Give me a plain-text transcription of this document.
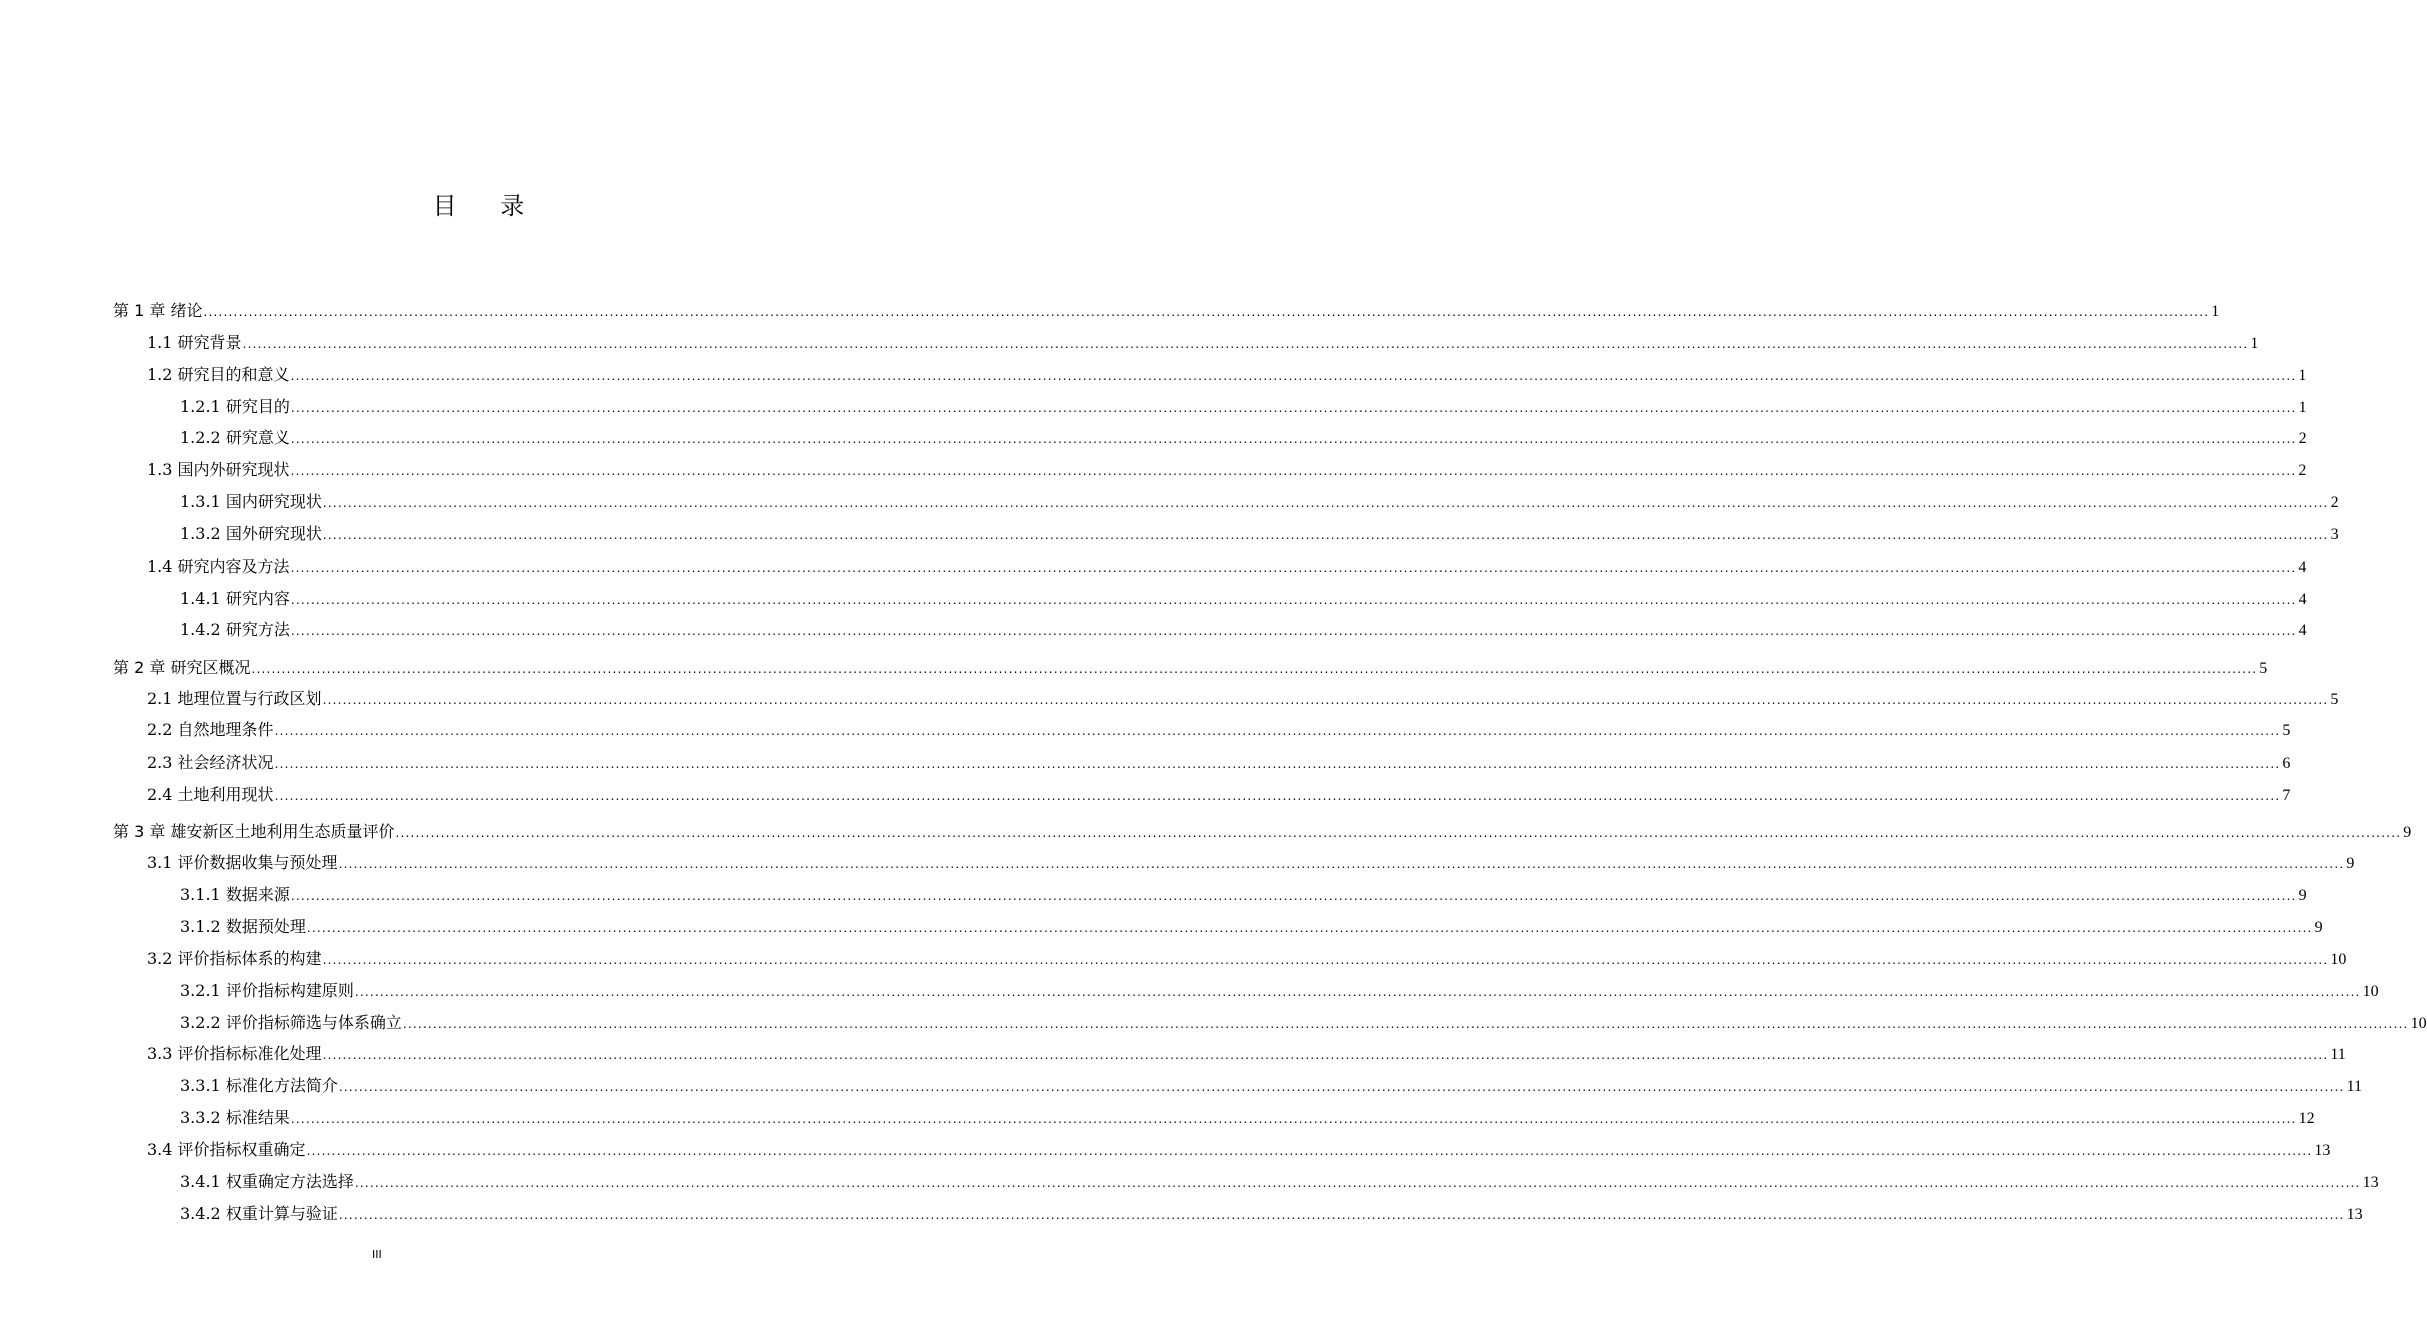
目 录
第 1 章 绪论 ................................................................................................................................................................................................................................................................................................................................................................................................................ 1
1.1 研究背景 ................................................................................................................................................................................................................................................................................................................................................................................................................ 1
1.2 研究目的和意义 ................................................................................................................................................................................................................................................................................................................................................................................................................ 1
1.2.1 研究目的 ................................................................................................................................................................................................................................................................................................................................................................................................................ 1
1.2.2 研究意义 ................................................................................................................................................................................................................................................................................................................................................................................................................ 2
1.3 国内外研究现状 ................................................................................................................................................................................................................................................................................................................................................................................................................ 2
1.3.1 国内研究现状 ................................................................................................................................................................................................................................................................................................................................................................................................................ 2
1.3.2 国外研究现状 ................................................................................................................................................................................................................................................................................................................................................................................................................ 3
1.4 研究内容及方法 ................................................................................................................................................................................................................................................................................................................................................................................................................ 4
1.4.1 研究内容 ................................................................................................................................................................................................................................................................................................................................................................................................................ 4
1.4.2 研究方法 ................................................................................................................................................................................................................................................................................................................................................................................................................ 4
第 2 章 研究区概况 ................................................................................................................................................................................................................................................................................................................................................................................................................ 5
2.1 地理位置与行政区划 ................................................................................................................................................................................................................................................................................................................................................................................................................ 5
2.2 自然地理条件 ................................................................................................................................................................................................................................................................................................................................................................................................................ 5
2.3 社会经济状况 ................................................................................................................................................................................................................................................................................................................................................................................................................ 6
2.4 土地利用现状 ................................................................................................................................................................................................................................................................................................................................................................................................................ 7
第 3 章 雄安新区土地利用生态质量评价 ................................................................................................................................................................................................................................................................................................................................................................................................................ 9
3.1 评价数据收集与预处理 ................................................................................................................................................................................................................................................................................................................................................................................................................ 9
3.1.1 数据来源 ................................................................................................................................................................................................................................................................................................................................................................................................................ 9
3.1.2 数据预处理 ................................................................................................................................................................................................................................................................................................................................................................................................................ 9
3.2 评价指标体系的构建 ................................................................................................................................................................................................................................................................................................................................................................................................................ 10
3.2.1 评价指标构建原则 ................................................................................................................................................................................................................................................................................................................................................................................................................ 10
3.2.2 评价指标筛选与体系确立 ................................................................................................................................................................................................................................................................................................................................................................................................................ 10
3.3 评价指标标准化处理 ................................................................................................................................................................................................................................................................................................................................................................................................................ 11
3.3.1 标准化方法简介 ................................................................................................................................................................................................................................................................................................................................................................................................................ 11
3.3.2 标准结果 ................................................................................................................................................................................................................................................................................................................................................................................................................ 12
3.4 评价指标权重确定 ................................................................................................................................................................................................................................................................................................................................................................................................................ 13
3.4.1 权重确定方法选择 ................................................................................................................................................................................................................................................................................................................................................................................................................ 13
3.4.2 权重计算与验证 ................................................................................................................................................................................................................................................................................................................................................................................................................ 13
III
